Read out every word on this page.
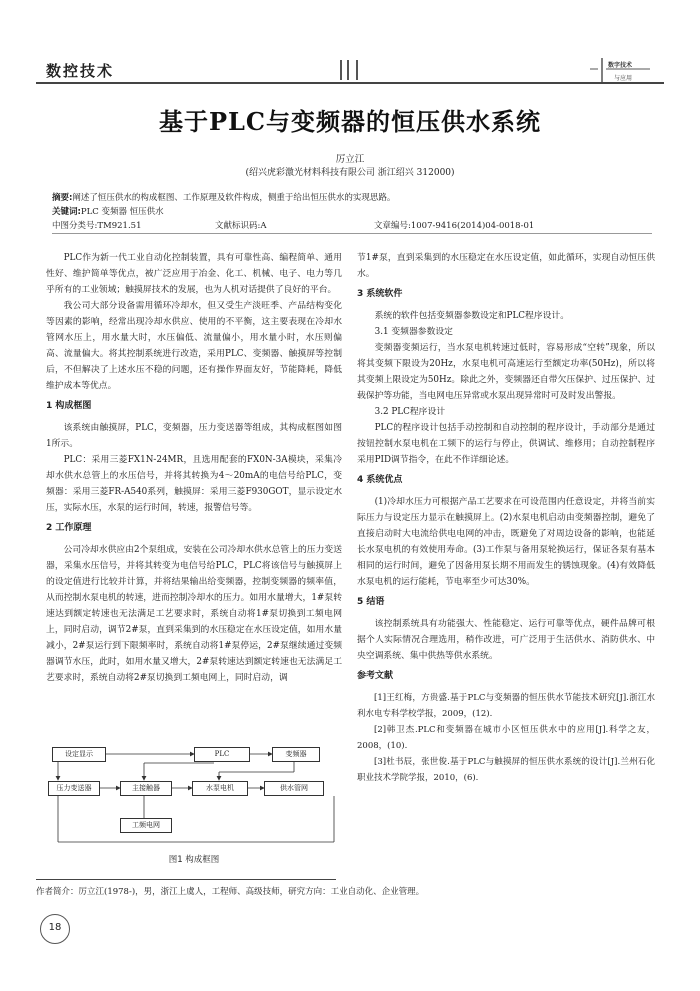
数控技术	数字技术
与应用
基于PLC与变频器的恒压供水系统
厉立江
(绍兴虎彩激光材料科技有限公司 浙江绍兴 312000)
摘要:阐述了恒压供水的构成框图、工作原理及软件构成，侧重于给出恒压供水的实现思路。
关键词:PLC 变频器 恒压供水
中图分类号:TM921.51	文献标识码:A	文章编号:1007-9416(2014)04-0018-01

PLC作为新一代工业自动化控制装置，具有可靠性高、编程简单、通用性好、维护简单等优点，被广泛应用于冶金、化工、机械、电子、电力等几乎所有的工业领域；触摸屏技术的发展，也为人机对话提供了良好的平台。

我公司大部分设备需用循环冷却水，但又受生产淡旺季、产品结构变化等因素的影响，经常出现冷却水供应、使用的不平衡，这主要表现在冷却水管网水压上，用水量大时，水压偏低、流量偏小，用水量小时，水压则偏高、流量偏大。将其控制系统进行改造，采用PLC、变频器、触摸屏等控制后，不但解决了上述水压不稳的问题，还有操作界面友好，节能降耗，降低维护成本等优点。

1 构成框图

该系统由触摸屏，PLC，变频器，压力变送器等组成，其构成框图如图1所示。

PLC：采用三菱FX1N-24MR，且选用配套的FX0N-3A模块，采集冷却水供水总管上的水压信号，并将其转换为4～20mA的电信号给PLC，变频器：采用三菱FR-A540系列，触摸屏：采用三菱F930GOT，显示设定水压，实际水压，水泵的运行时间，转速，报警信号等。

2 工作原理

公司冷却水供应由2个泵组成，安装在公司冷却水供水总管上的压力变送器，采集水压信号，并将其转变为电信号给PLC，PLC将该信号与触摸屏上的设定值进行比较并计算，并将结果输出给变频器，控制变频器的频率值，从而控制水泵电机的转速，进而控制冷却水的压力。如用水量增大，1#泵转速达到额定转速也无法满足工艺要求时，系统自动将1#泵切换到工频电网上，同时启动，调节2#泵，直到采集到的水压稳定在水压设定值，如用水量减小，2#泵运行到下限频率时，系统自动将1#泵停运，2#泵继续通过变频器调节水压，此时，如用水量又增大，2#泵转速达到额定转速也无法满足工艺要求时，系统自动将2#泵切换到工频电网上，同时启动，调

设定显示	PLC	变频器
压力变送器	主接触器	水泵电机	供水管网
工频电网
图1 构成框图

节1#泵，直到采集到的水压稳定在水压设定值，如此循环，实现自动恒压供水。

3 系统软件

系统的软件包括变频器参数设定和PLC程序设计。

3.1 变频器参数设定

变频器变频运行，当水泵电机转速过低时，容易形成“空转”现象，所以将其变频下限设为20Hz，水泵电机可高速运行至额定功率(50Hz)，所以将其变频上限设定为50Hz。除此之外，变频器还自带欠压保护、过压保护、过载保护等功能，当电网电压异常或水泵出现异常时可及时发出警报。

3.2 PLC程序设计

PLC的程序设计包括手动控制和自动控制的程序设计，手动部分是通过按钮控制水泵电机在工频下的运行与停止，供调试、维修用；自动控制程序采用PID调节指令，在此不作详细论述。

4 系统优点

(1)冷却水压力可根据产品工艺要求在可设范围内任意设定，并将当前实际压力与设定压力显示在触摸屏上。(2)水泵电机启动由变频器控制，避免了直接启动时大电流给供电电网的冲击，既避免了对周边设备的影响，也能延长水泵电机的有效使用寿命。(3)工作泵与备用泵轮换运行，保证各泵有基本相同的运行时间，避免了因备用泵长期不用而发生的锈蚀现象。(4)有效降低水泵电机的运行能耗，节电率至少可达30%。

5 结语

该控制系统具有功能强大、性能稳定、运行可靠等优点，硬件品牌可根据个人实际情况合理选用，稍作改进，可广泛用于生活供水、消防供水、中央空调系统、集中供热等供水系统。

参考文献

[1]王红梅，方贵盛.基于PLC与变频器的恒压供水节能技术研究[J].浙江水利水电专科学校学报，2009，(12).

[2]韩卫杰.PLC和变频器在城市小区恒压供水中的应用[J].科学之友，2008，(10).

[3]杜书辰，张世俊.基于PLC与触摸屏的恒压供水系统的设计[J].兰州石化职业技术学院学报，2010，(6).

作者简介：厉立江(1978-)，男，浙江上虞人，工程师、高级技师，研究方向：工业自动化、企业管理。
18
